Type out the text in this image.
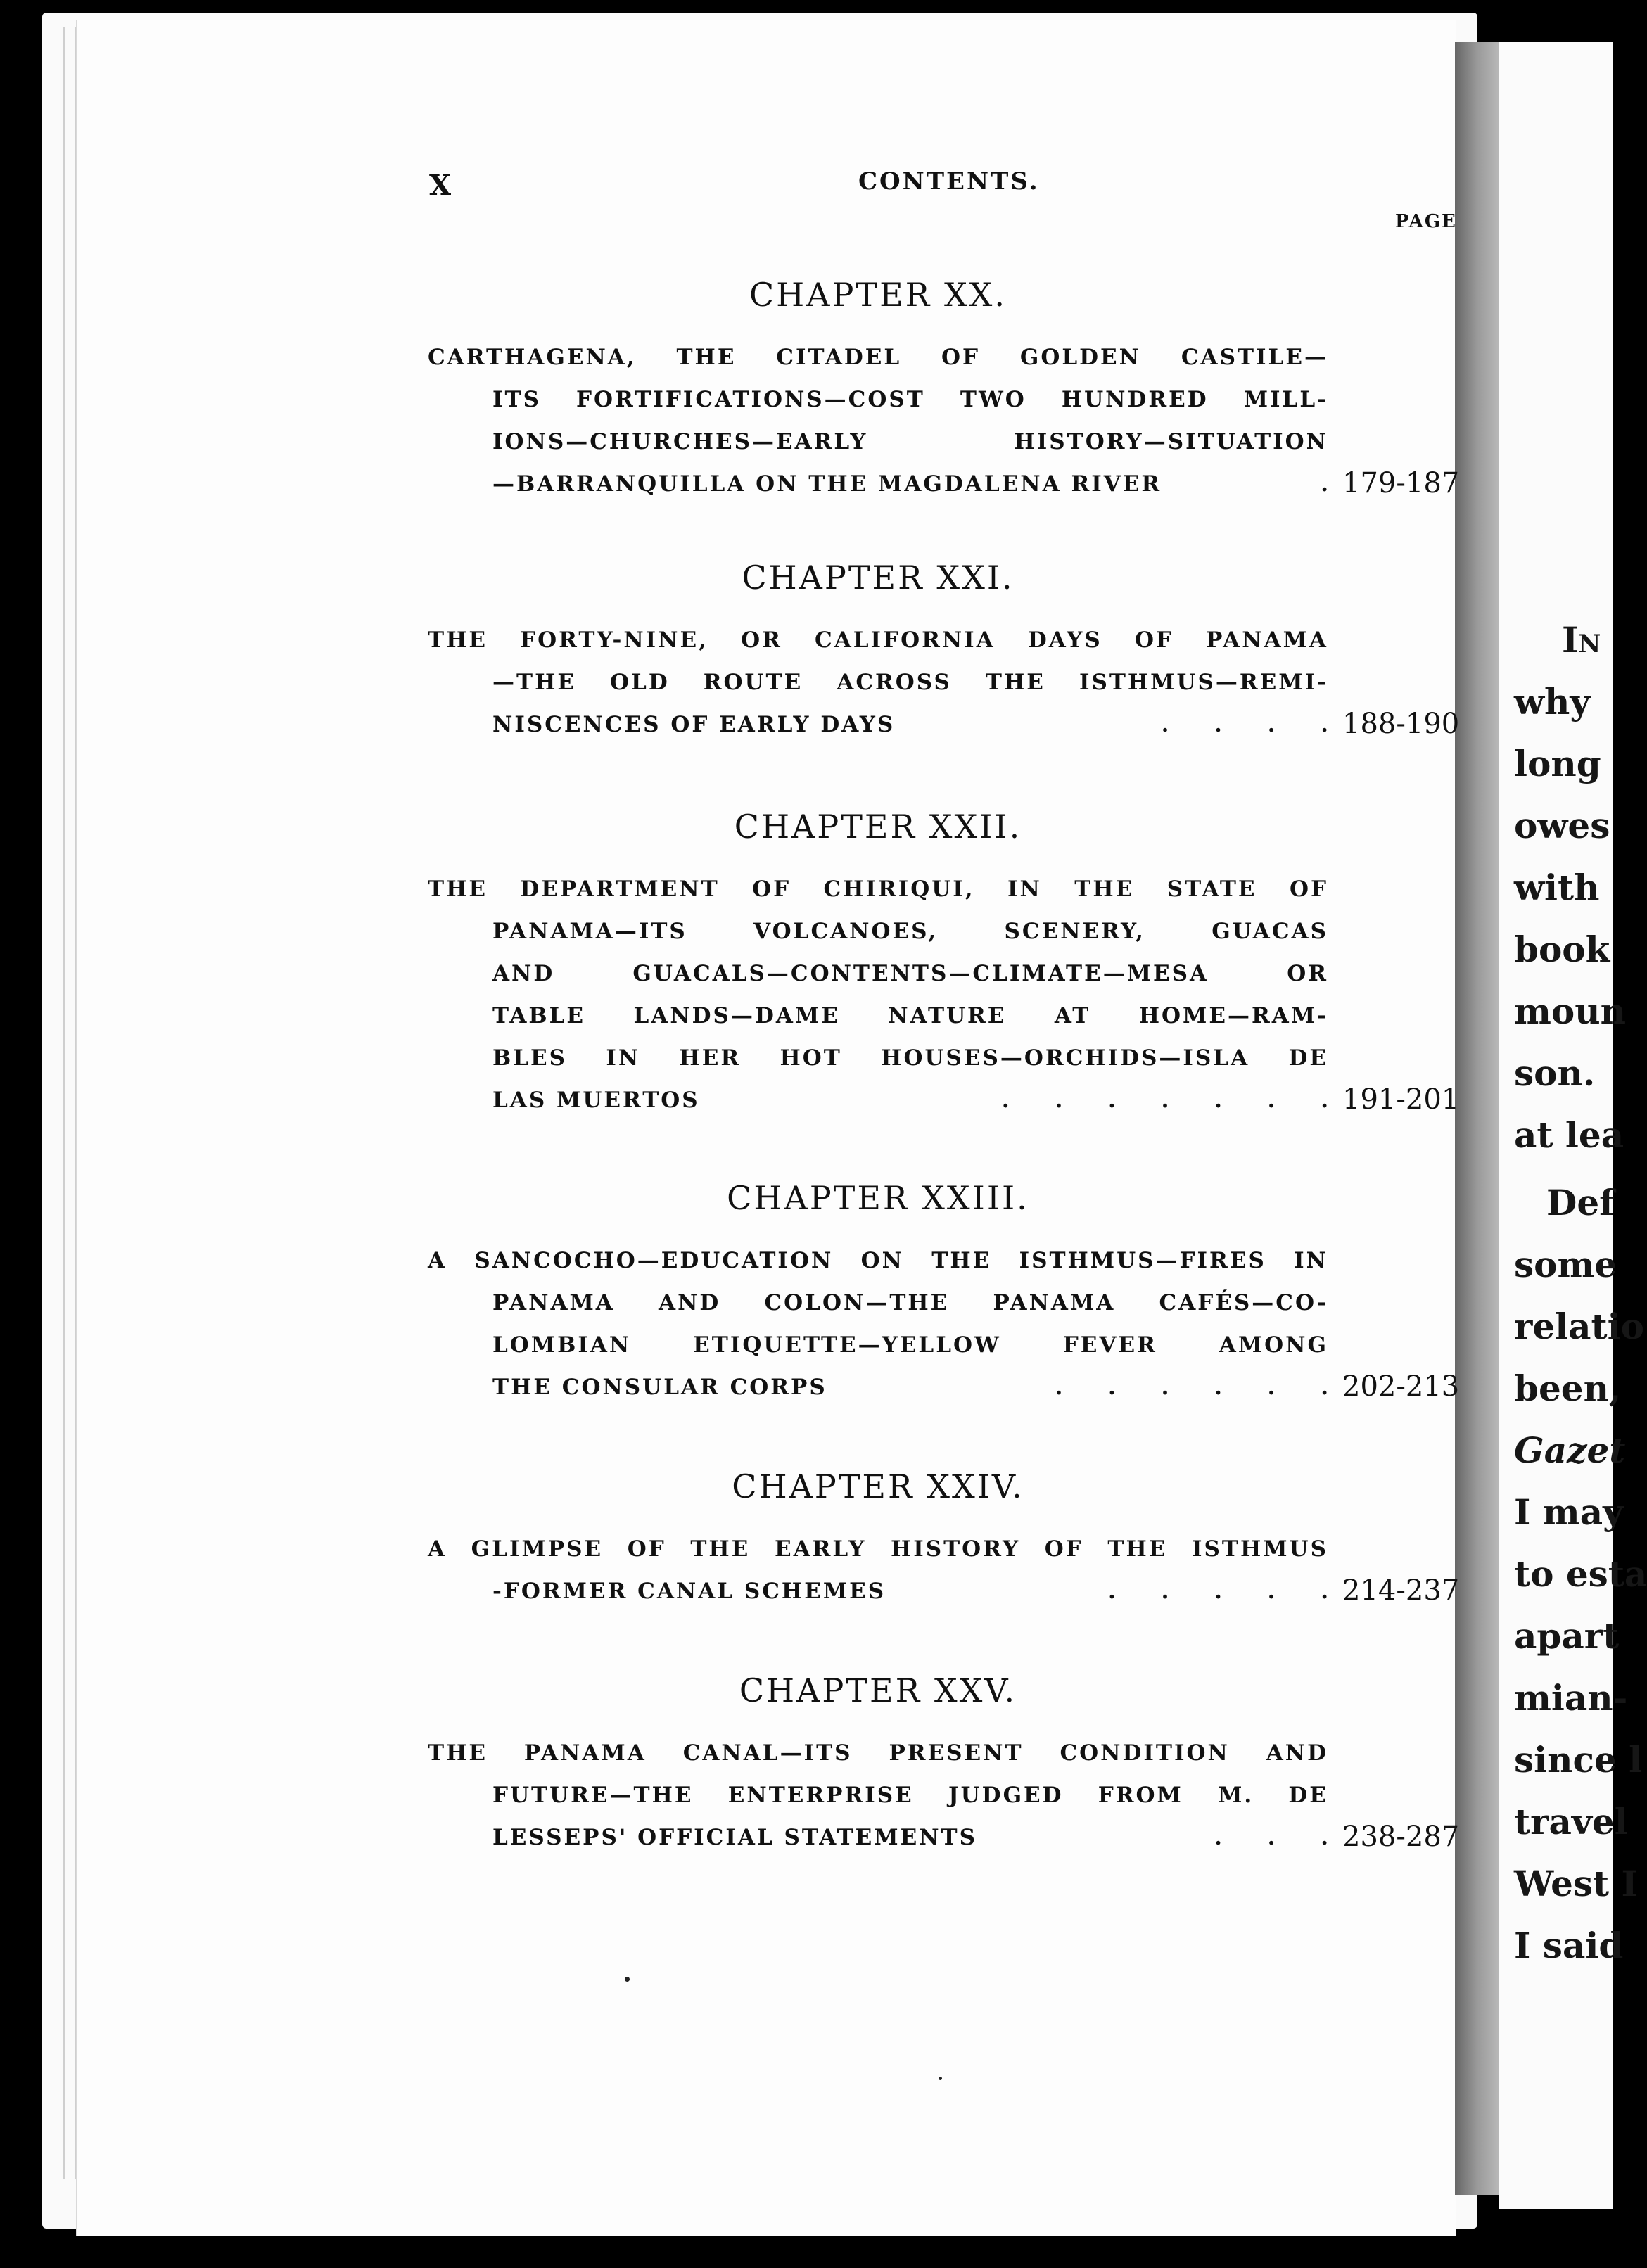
In
why
long
owes
with
book
moun
son.
at lea
Def
some
relatio
been,
Gazet
I may
to esta
apart
mian-
since l
travel
West I
I said
X	CONTENTS.
PAGE
CHAPTER XX.
CARTHAGENA, THE CITADEL OF GOLDEN CASTILE—
ITS FORTIFICATIONS—COST TWO HUNDRED MILL-
IONS—CHURCHES—EARLY	HISTORY—SITUATION
—BARRANQUILLA ON THE MAGDALENA RIVER	. 179-187
CHAPTER XXI.
THE FORTY-NINE, OR CALIFORNIA DAYS OF PANAMA
—THE OLD ROUTE ACROSS THE ISTHMUS—REMI-
NISCENCES OF EARLY DAYS	.      .      .      . 188-190
CHAPTER XXII.
THE DEPARTMENT OF CHIRIQUI, IN THE STATE OF
PANAMA—ITS	VOLCANOES,	SCENERY,	GUACAS
AND	GUACALS—CONTENTS—CLIMATE—MESA	OR
TABLE LANDS—DAME NATURE AT HOME—RAM-
BLES IN HER HOT HOUSES—ORCHIDS—ISLA DE
LAS MUERTOS	.      .      .      .      .      .      . 191-201
CHAPTER XXIII.
A SANCOCHO—EDUCATION ON THE ISTHMUS—FIRES IN
PANAMA AND COLON—THE PANAMA CAFÉS—CO-
LOMBIAN	ETIQUETTE—YELLOW	FEVER	AMONG
THE CONSULAR CORPS	.      .      .      .      .      . 202-213
CHAPTER XXIV.
A GLIMPSE OF THE EARLY HISTORY OF THE ISTHMUS
-FORMER CANAL SCHEMES	.      .      .      .      . 214-237
CHAPTER XXV.
THE PANAMA CANAL—ITS PRESENT CONDITION AND
FUTURE—THE ENTERPRISE JUDGED FROM M. DE
LESSEPS' OFFICIAL STATEMENTS	.      .      . 238-287
